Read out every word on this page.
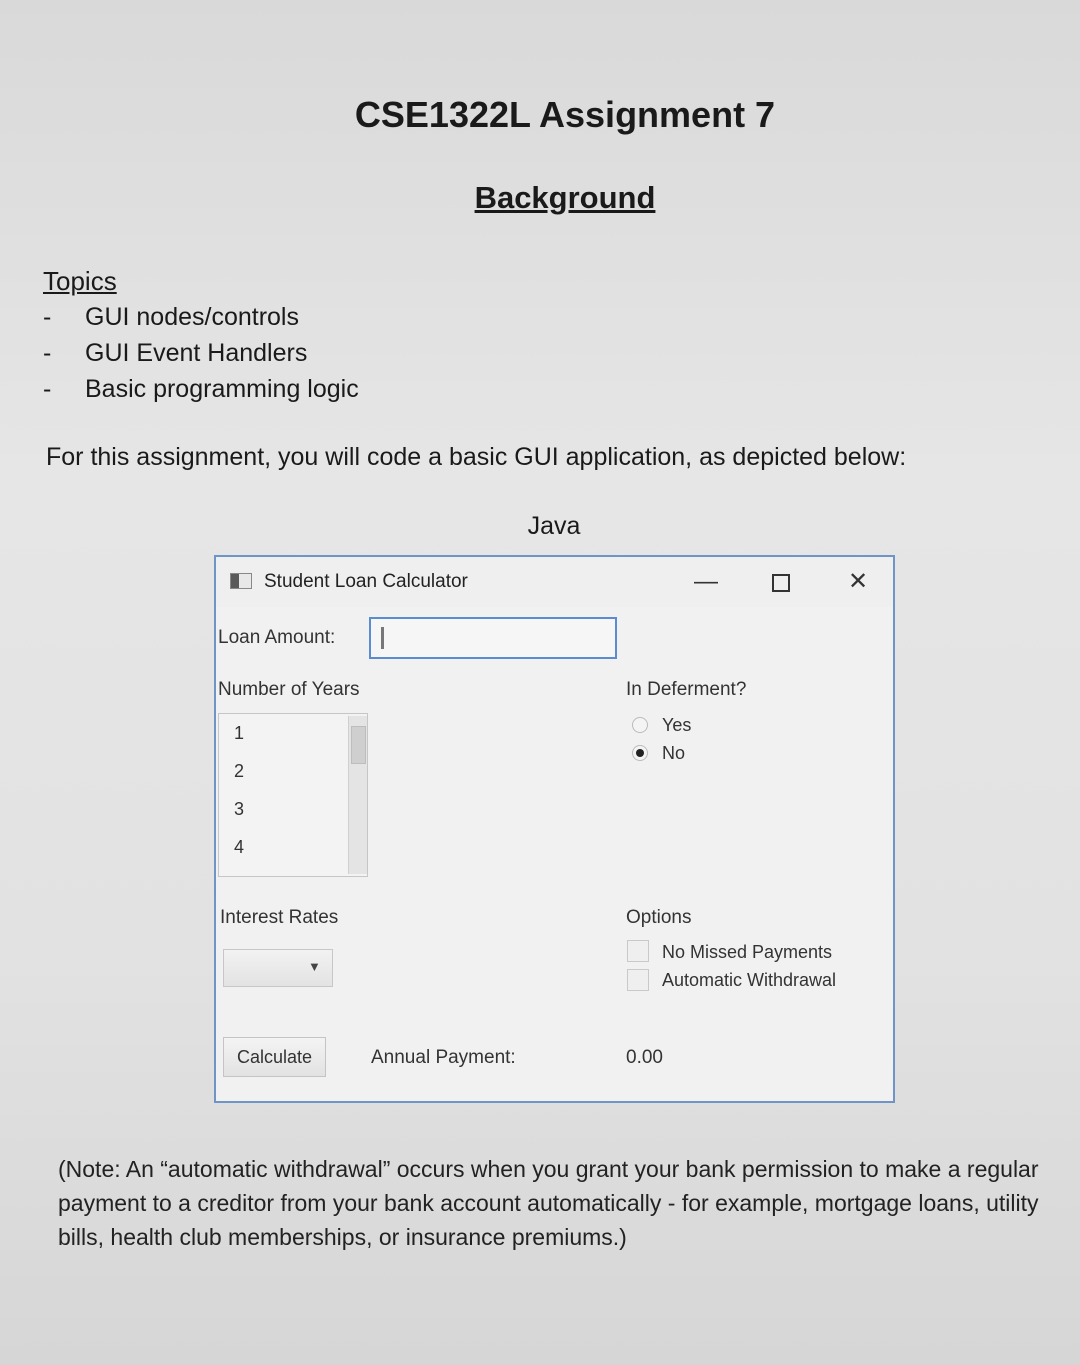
CSE1322L Assignment 7
Background
Topics
- GUI nodes/controls
- GUI Event Handlers
- Basic programming logic
For this assignment, you will code a basic GUI application, as depicted below:
Java
Student Loan Calculator	—	✕
Loan Amount:
Number of Years
1
2
3
4
In Deferment?
Yes
No
Interest Rates
▼
Options
No Missed Payments
Automatic Withdrawal
Calculate	Annual Payment:	0.00
(Note: An “automatic withdrawal” occurs when you grant your bank permission to make a regular payment to a creditor from your bank account automatically - for example, mortgage loans, utility bills, health club memberships, or insurance premiums.)
